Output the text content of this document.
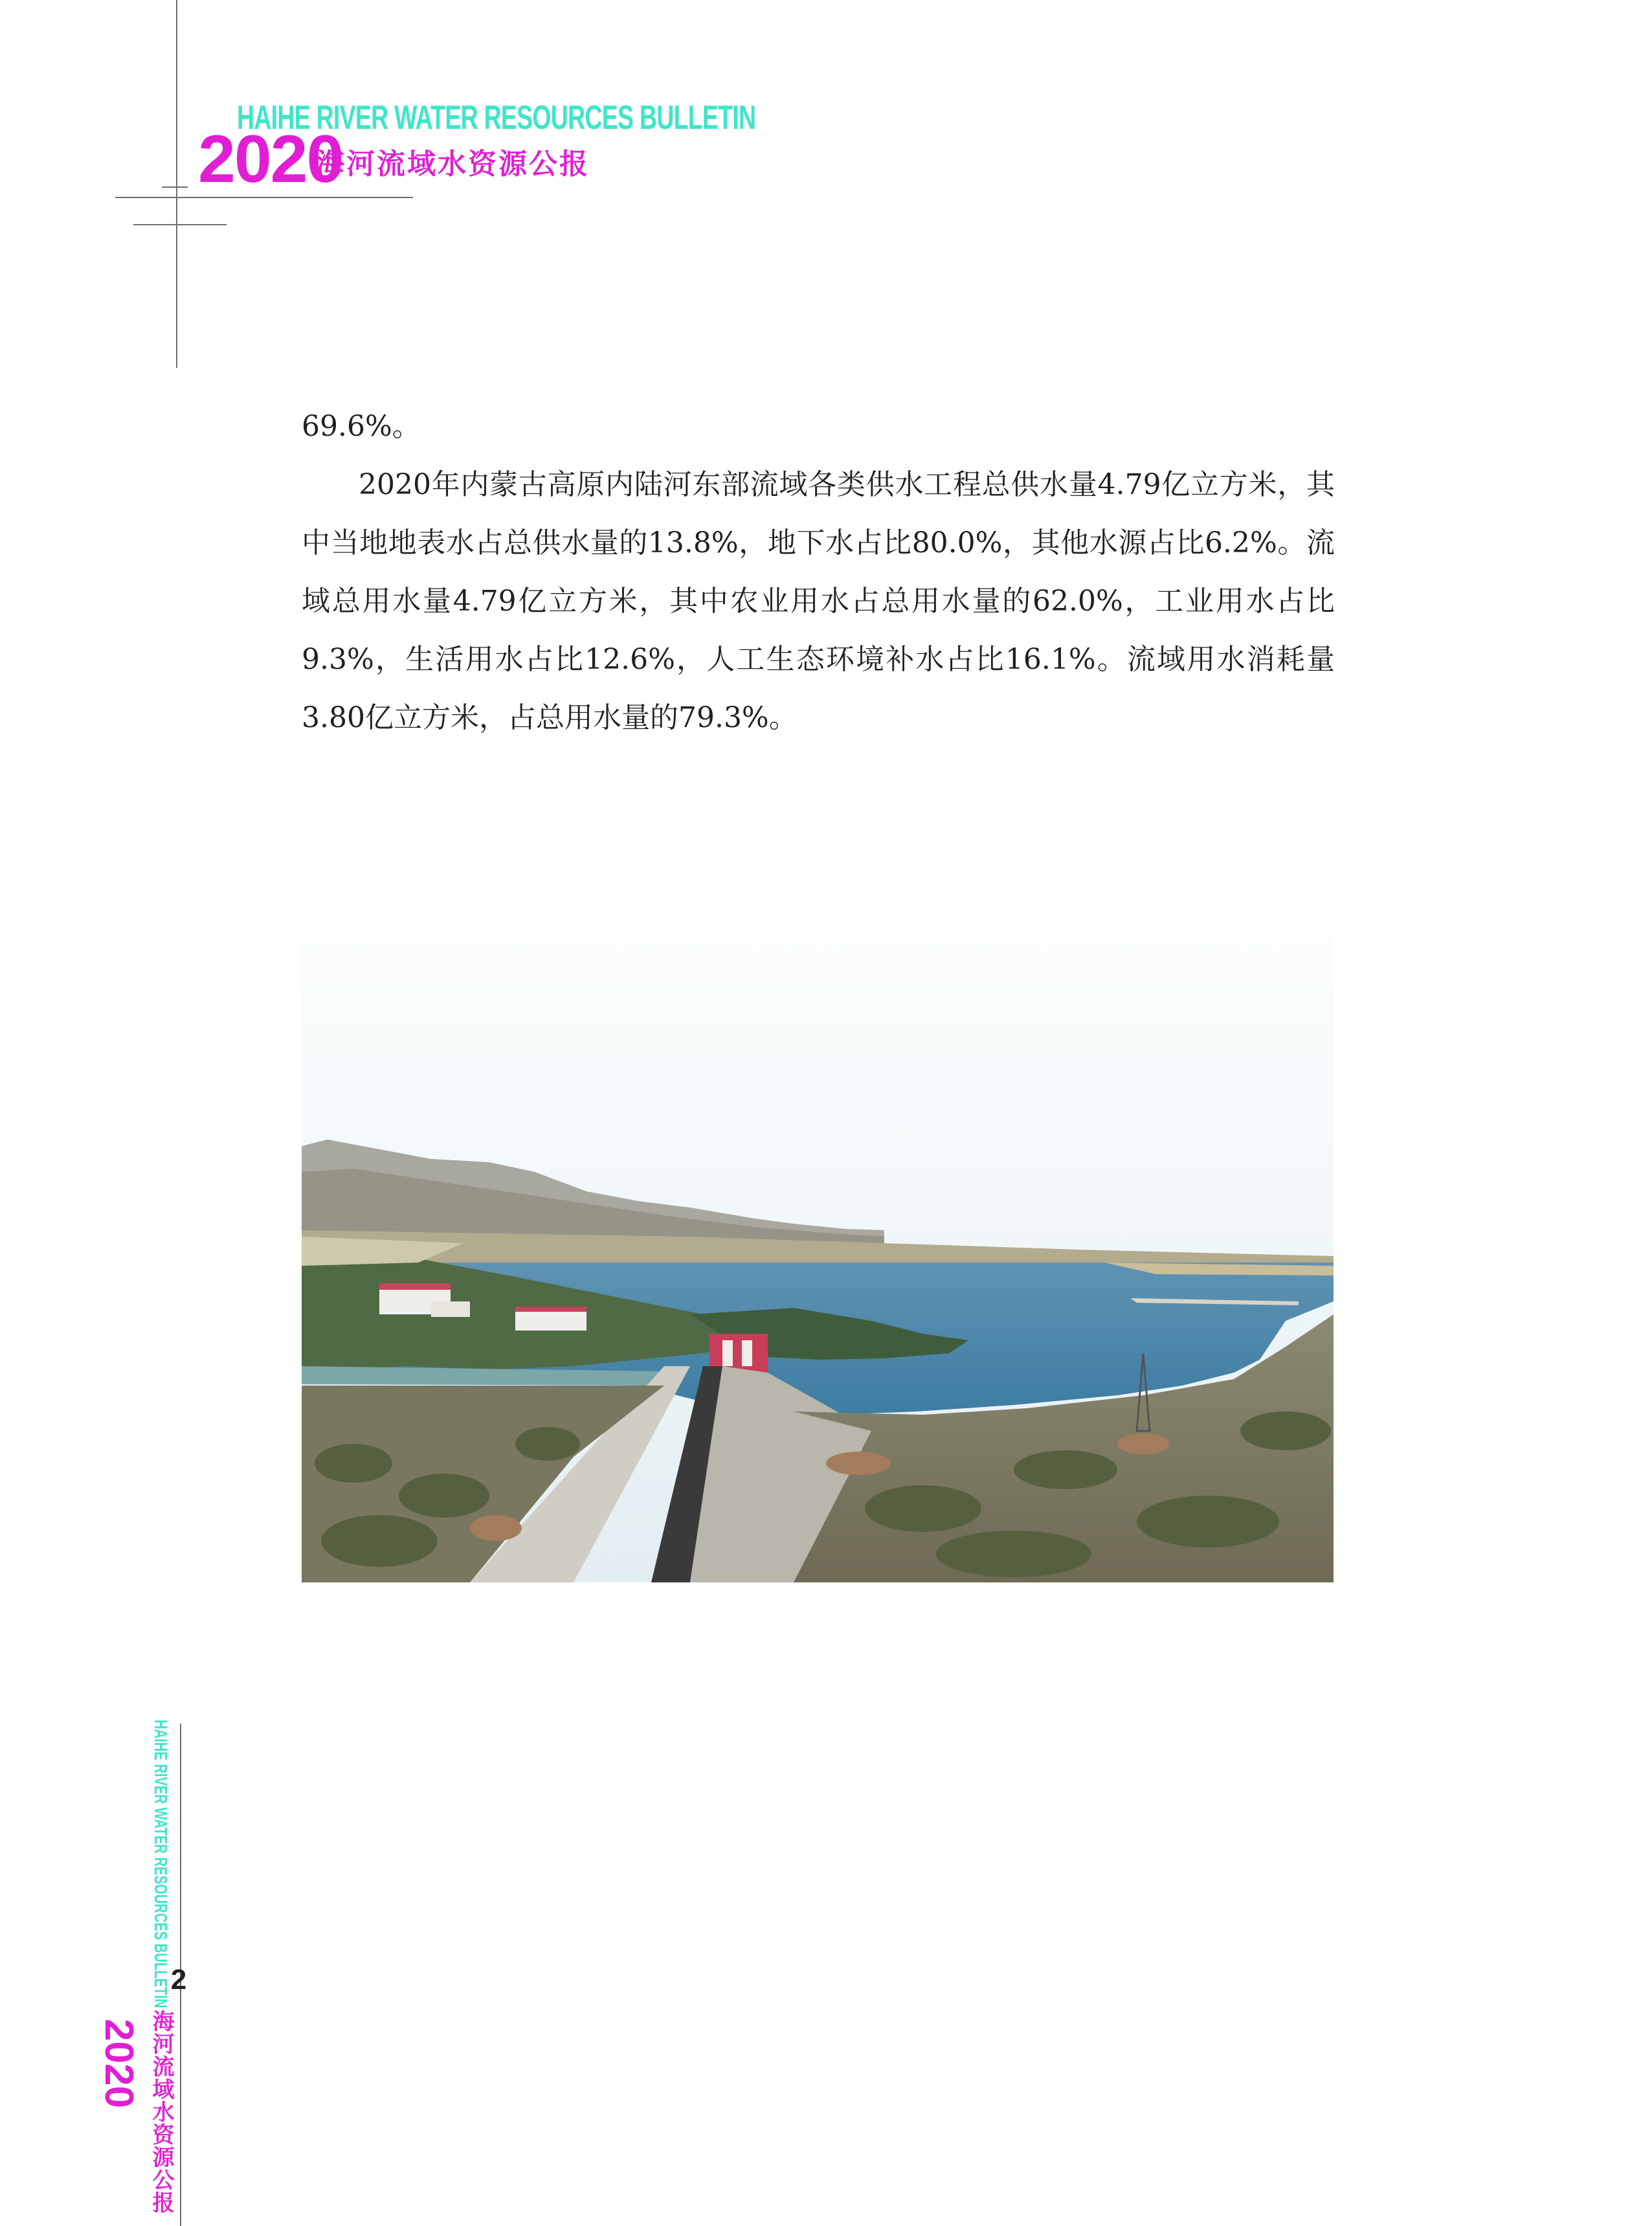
HAIHE RIVER WATER RESOURCES BULLETIN
2020
海河流域水资源公报

69.6%。

2020年内蒙古高原内陆河东部流域各类供水工程总供水量4.79亿立方米，其中当地地表水占总供水量的13.8%，地下水占比80.0%，其他水源占比6.2%。流域总用水量4.79亿立方米，其中农业用水占总用水量的62.0%，工业用水占比9.3%，生活用水占比12.6%，人工生态环境补水占比16.1%。流域用水消耗量3.80亿立方米，占总用水量的79.3%。

HAIHE RIVER WATER RESOURCES BULLETIN 2
海河流域水资源公报
2020
